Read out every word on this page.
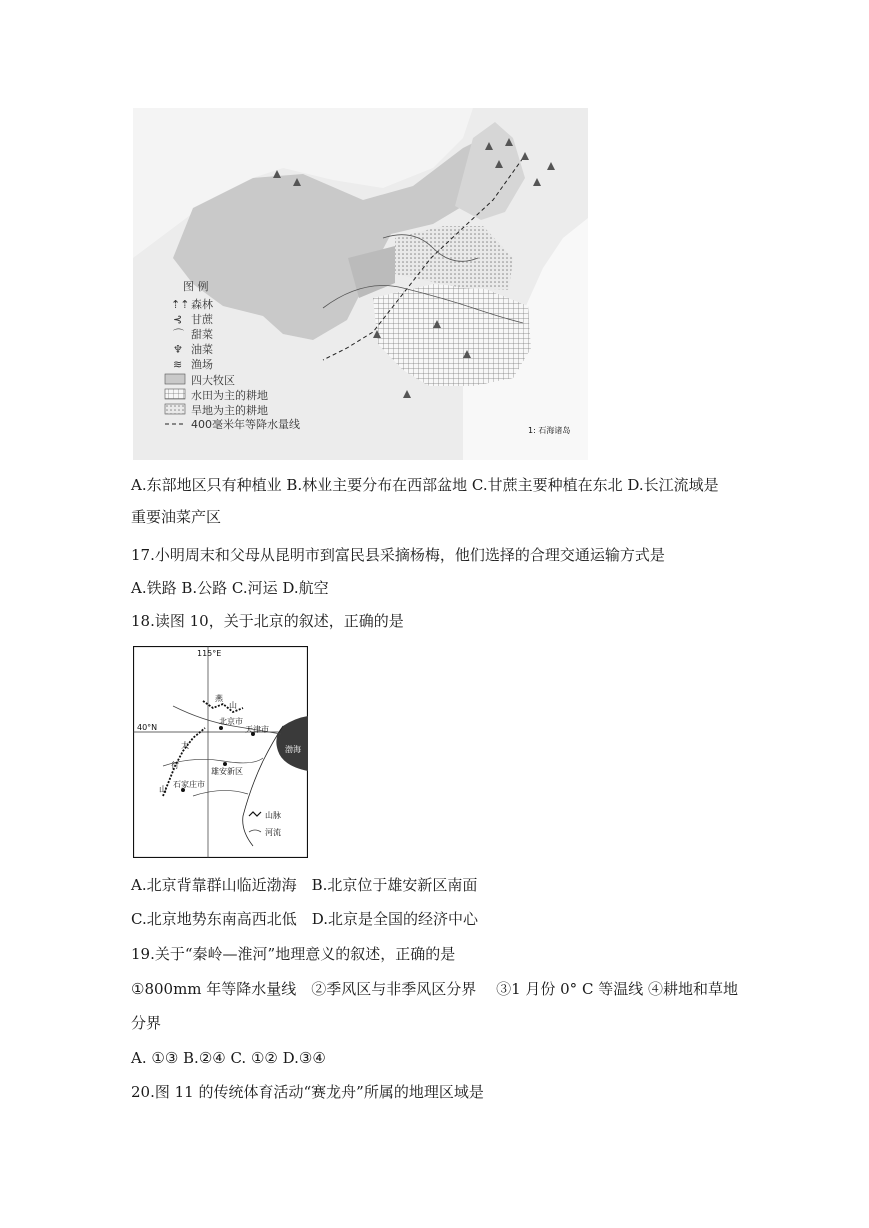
图 例
⇡⇡ 森林
⊰ 甘蔗
⌒ 甜菜
♆ 油菜
≋ 渔场
四大牧区
水田为主的耕地
旱地为主的耕地
400毫米年等降水量线	1: 石海诸岛
A.东部地区只有种植业 B.林业主要分布在西部盆地 C.甘蔗主要种植在东北 D.长江流域是
重要油菜产区
17.小明周末和父母从昆明市到富民县采摘杨梅，他们选择的合理交通运输方式是
A.铁路 B.公路 C.河运 D.航空
18.读图 10，关于北京的叙述，正确的是
115°E
40°N
渤海
北京市
天津市
雄安新区
石家庄市
太
行
山
燕
山
山脉
河流
A.北京背靠群山临近渤海　B.北京位于雄安新区南面
C.北京地势东南高西北低　D.北京是全国的经济中心
19.关于“秦岭—淮河”地理意义的叙述，正确的是
①800mm 年等降水量线　②季风区与非季风区分界　 ③1 月份 0° C 等温线 ④耕地和草地
分界
A. ①③ B.②④ C. ①② D.③④
20.图 11 的传统体育活动“赛龙舟”所属的地理区域是
